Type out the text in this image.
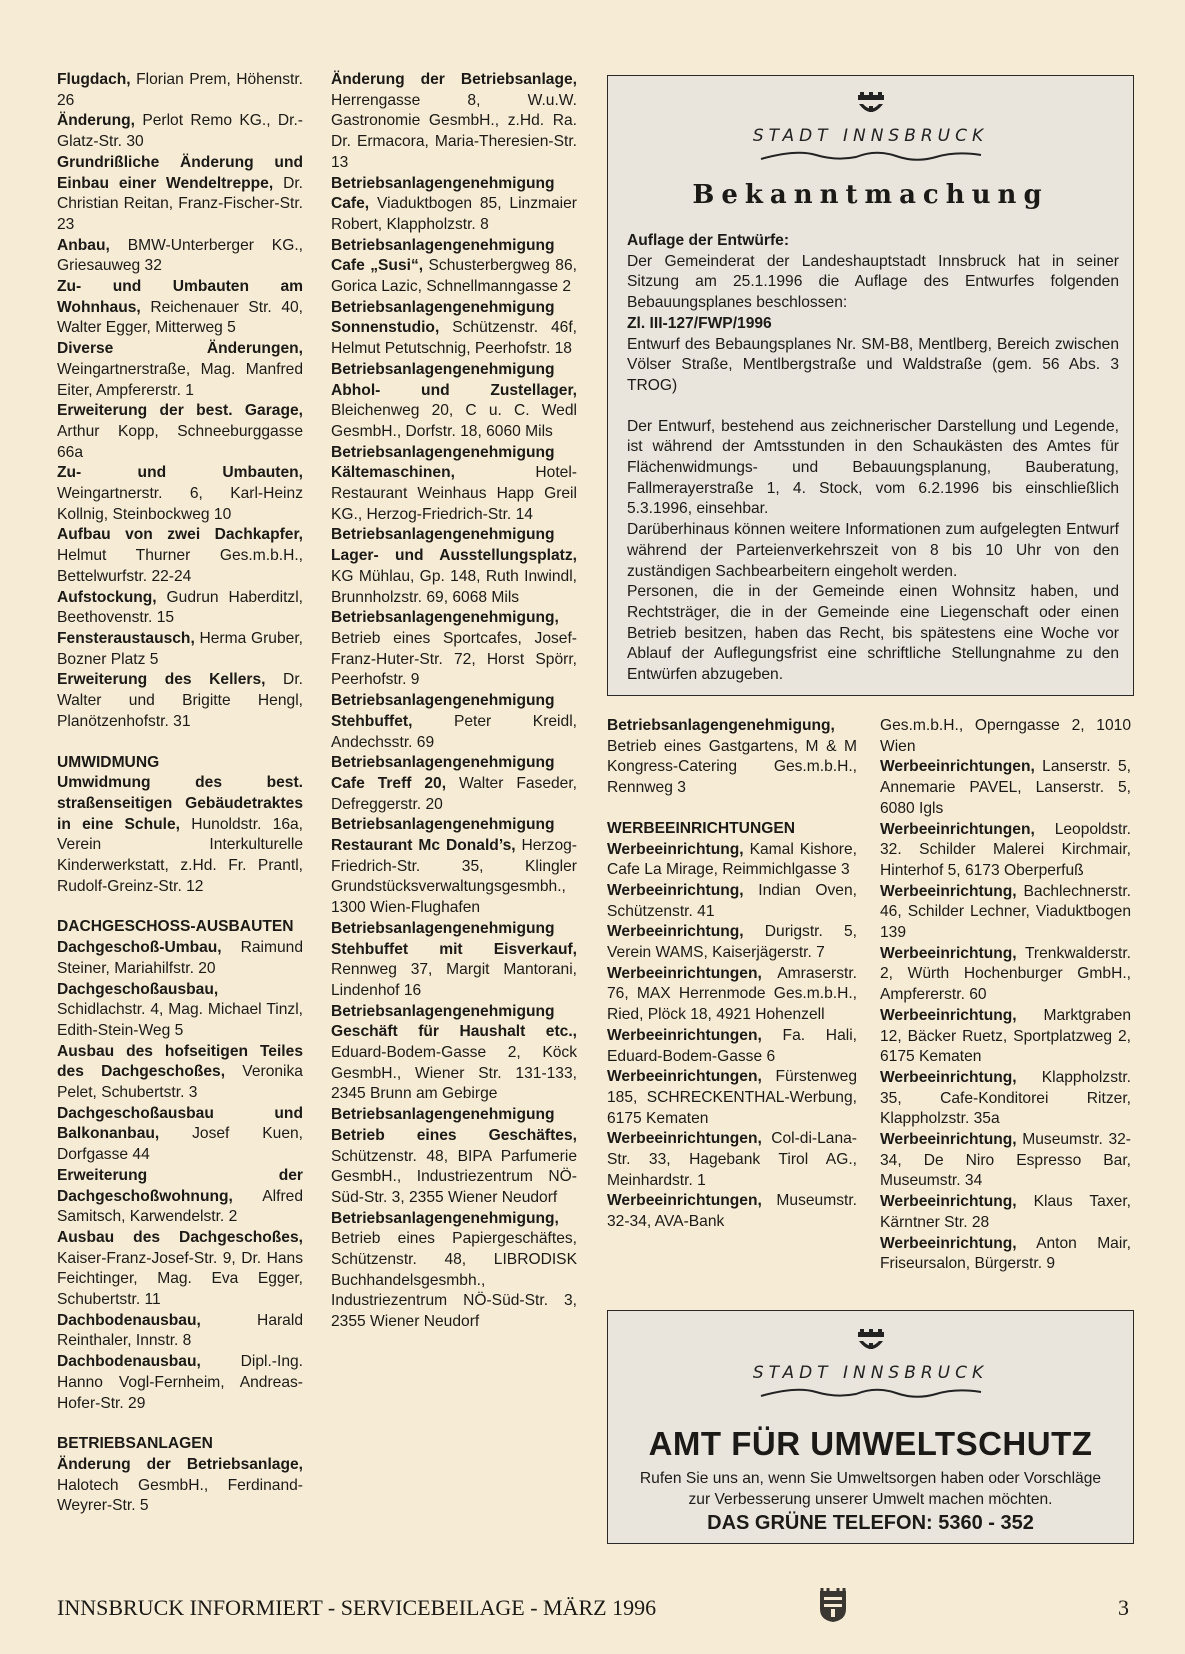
Flugdach, Florian Prem, Höhenstr. 26
Änderung, Perlot Remo KG., Dr.-Glatz-Str. 30
Grundrißliche Änderung und Einbau einer Wendeltreppe, Dr. Christian Reitan, Franz-Fischer-Str. 23
Anbau, BMW-Unterberger KG., Griesauweg 32
Zu- und Umbauten am Wohnhaus, Reichenauer Str. 40, Walter Egger, Mitterweg 5
Diverse Änderungen, Weingartnerstraße, Mag. Manfred Eiter, Ampfererstr. 1
Erweiterung der best. Garage, Arthur Kopp, Schneeburggasse 66a
Zu- und Umbauten, Weingartnerstr. 6, Karl-Heinz Kollnig, Steinbockweg 10
Aufbau von zwei Dachkapfer, Helmut Thurner Ges.m.b.H., Bettelwurfstr. 22-24
Aufstockung, Gudrun Haberditzl, Beethovenstr. 15
Fensteraustausch, Herma Gruber, Bozner Platz 5
Erweiterung des Kellers, Dr. Walter und Brigitte Hengl, Planötzenhofstr. 31
UMWIDMUNG
Umwidmung des best. straßenseitigen Gebäudetraktes in eine Schule, Hunoldstr. 16a, Verein Interkulturelle Kinderwerkstatt, z.Hd. Fr. Prantl, Rudolf-Greinz-Str. 12
DACHGESCHOSS-AUSBAUTEN
Dachgeschoß-Umbau, Raimund Steiner, Mariahilfstr. 20
Dachgeschoßausbau, Schidlachstr. 4, Mag. Michael Tinzl, Edith-Stein-Weg 5
Ausbau des hofseitigen Teiles des Dachgeschoßes, Veronika Pelet, Schubertstr. 3
Dachgeschoßausbau und Balkonanbau, Josef Kuen, Dorfgasse 44
Erweiterung der Dachgeschoßwohnung, Alfred Samitsch, Karwendelstr. 2
Ausbau des Dachgeschoßes, Kaiser-Franz-Josef-Str. 9, Dr. Hans Feichtinger, Mag. Eva Egger, Schubertstr. 11
Dachbodenausbau, Harald Reinthaler, Innstr. 8
Dachbodenausbau, Dipl.-Ing. Hanno Vogl-Fernheim, Andreas-Hofer-Str. 29
BETRIEBSANLAGEN
Änderung der Betriebsanlage, Halotech GesmbH., Ferdinand-Weyrer-Str. 5
Änderung der Betriebsanlage, Herrengasse 8, W.u.W. Gastronomie GesmbH., z.Hd. Ra. Dr. Ermacora, Maria-Theresien-Str. 13
Betriebsanlagengenehmigung Cafe, Viaduktbogen 85, Linzmaier Robert, Klappholzstr. 8
Betriebsanlagengenehmigung Cafe „Susi“, Schusterbergweg 86, Gorica Lazic, Schnellmanngasse 2
Betriebsanlagengenehmigung Sonnenstudio, Schützenstr. 46f, Helmut Petutschnig, Peerhofstr. 18
Betriebsanlagengenehmigung Abhol- und Zustellager, Bleichenweg 20, C u. C. Wedl GesmbH., Dorfstr. 18, 6060 Mils
Betriebsanlagengenehmigung Kältemaschinen, Hotel-Restaurant Weinhaus Happ Greil KG., Herzog-Friedrich-Str. 14
Betriebsanlagengenehmigung Lager- und Ausstellungsplatz, KG Mühlau, Gp. 148, Ruth Inwindl, Brunnholzstr. 69, 6068 Mils
Betriebsanlagengenehmigung, Betrieb eines Sportcafes, Josef-Franz-Huter-Str. 72, Horst Spörr, Peerhofstr. 9
Betriebsanlagengenehmigung Stehbuffet, Peter Kreidl, Andechsstr. 69
Betriebsanlagengenehmigung Cafe Treff 20, Walter Faseder, Defreggerstr. 20
Betriebsanlagengenehmigung Restaurant Mc Donald’s, Herzog-Friedrich-Str. 35, Klingler Grundstücksverwaltungsgesmbh., 1300 Wien-Flughafen
Betriebsanlagengenehmigung Stehbuffet mit Eisverkauf, Rennweg 37, Margit Mantorani, Lindenhof 16
Betriebsanlagengenehmigung Geschäft für Haushalt etc., Eduard-Bodem-Gasse 2, Köck GesmbH., Wiener Str. 131-133, 2345 Brunn am Gebirge
Betriebsanlagengenehmigung Betrieb eines Geschäftes, Schützenstr. 48, BIPA Parfumerie GesmbH., Industriezentrum NÖ-Süd-Str. 3, 2355 Wiener Neudorf
Betriebsanlagengenehmigung, Betrieb eines Papiergeschäftes, Schützenstr. 48, LIBRODISK Buchhandelsgesmbh., Industriezentrum NÖ-Süd-Str. 3, 2355 Wiener Neudorf
Betriebsanlagengenehmigung, Betrieb eines Gastgartens, M & M Kongress-Catering Ges.m.b.H., Rennweg 3
WERBEEINRICHTUNGEN
Werbeeinrichtung, Kamal Kishore, Cafe La Mirage, Reimmichlgasse 3
Werbeeinrichtung, Indian Oven, Schützenstr. 41
Werbeeinrichtung, Durigstr. 5, Verein WAMS, Kaiserjägerstr. 7
Werbeeinrichtungen, Amraserstr. 76, MAX Herrenmode Ges.m.b.H., Ried, Plöck 18, 4921 Hohenzell
Werbeeinrichtungen, Fa. Hali, Eduard-Bodem-Gasse 6
Werbeeinrichtungen, Fürstenweg 185, SCHRECKENTHAL-Werbung, 6175 Kematen
Werbeeinrichtungen, Col-di-Lana-Str. 33, Hagebank Tirol AG., Meinhardstr. 1
Werbeeinrichtungen, Museumstr. 32-34, AVA-Bank
Ges.m.b.H., Operngasse 2, 1010 Wien
Werbeeinrichtungen, Lanserstr. 5, Annemarie PAVEL, Lanserstr. 5, 6080 Igls
Werbeeinrichtungen, Leopoldstr. 32. Schilder Malerei Kirchmair, Hinterhof 5, 6173 Oberperfuß
Werbeeinrichtung, Bachlechnerstr. 46, Schilder Lechner, Viaduktbogen 139
Werbeeinrichtung, Trenkwalderstr. 2, Würth Hochenburger GmbH., Ampfererstr. 60
Werbeeinrichtung, Marktgraben 12, Bäcker Ruetz, Sportplatzweg 2, 6175 Kematen
Werbeeinrichtung, Klappholzstr. 35, Cafe-Konditorei Ritzer, Klappholzstr. 35a
Werbeeinrichtung, Museumstr. 32-34, De Niro Espresso Bar, Museumstr. 34
Werbeeinrichtung, Klaus Taxer, Kärntner Str. 28
Werbeeinrichtung, Anton Mair, Friseursalon, Bürgerstr. 9
STADT INNSBRUCK
Bekanntmachung

Auflage der Entwürfe:

Der Gemeinderat der Landeshauptstadt Innsbruck hat in seiner Sitzung am 25.1.1996 die Auflage des Entwurfes folgenden Bebauungsplanes beschlossen:

Zl. III-127/FWP/1996

Entwurf des Bebaungsplanes Nr. SM-B8, Mentlberg, Bereich zwischen Völser Straße, Mentlbergstraße und Waldstraße (gem. 56 Abs. 3 TROG)

Der Entwurf, bestehend aus zeichnerischer Darstellung und Legende, ist während der Amtsstunden in den Schaukästen des Amtes für Flächenwidmungs- und Bebauungsplanung, Bauberatung, Fallmerayerstraße 1, 4. Stock, vom 6.2.1996 bis einschließlich 5.3.1996, einsehbar.

Darüberhinaus können weitere Informationen zum aufgelegten Entwurf während der Parteienverkehrszeit von 8 bis 10 Uhr von den zuständigen Sachbearbeitern eingeholt werden.

Personen, die in der Gemeinde einen Wohnsitz haben, und Rechtsträger, die in der Gemeinde eine Liegenschaft oder einen Betrieb besitzen, haben das Recht, bis spätestens eine Woche vor Ablauf der Auflegungsfrist eine schriftliche Stellungnahme zu den Entwürfen abzugeben.

STADT INNSBRUCK
AMT FÜR UMWELTSCHUTZ
Rufen Sie uns an, wenn Sie Umweltsorgen haben oder Vorschläge zur Verbesserung unserer Umwelt machen möchten.
DAS GRÜNE TELEFON: 5360 - 352
INNSBRUCK INFORMIERT - SERVICEBEILAGE - MÄRZ 1996	3
